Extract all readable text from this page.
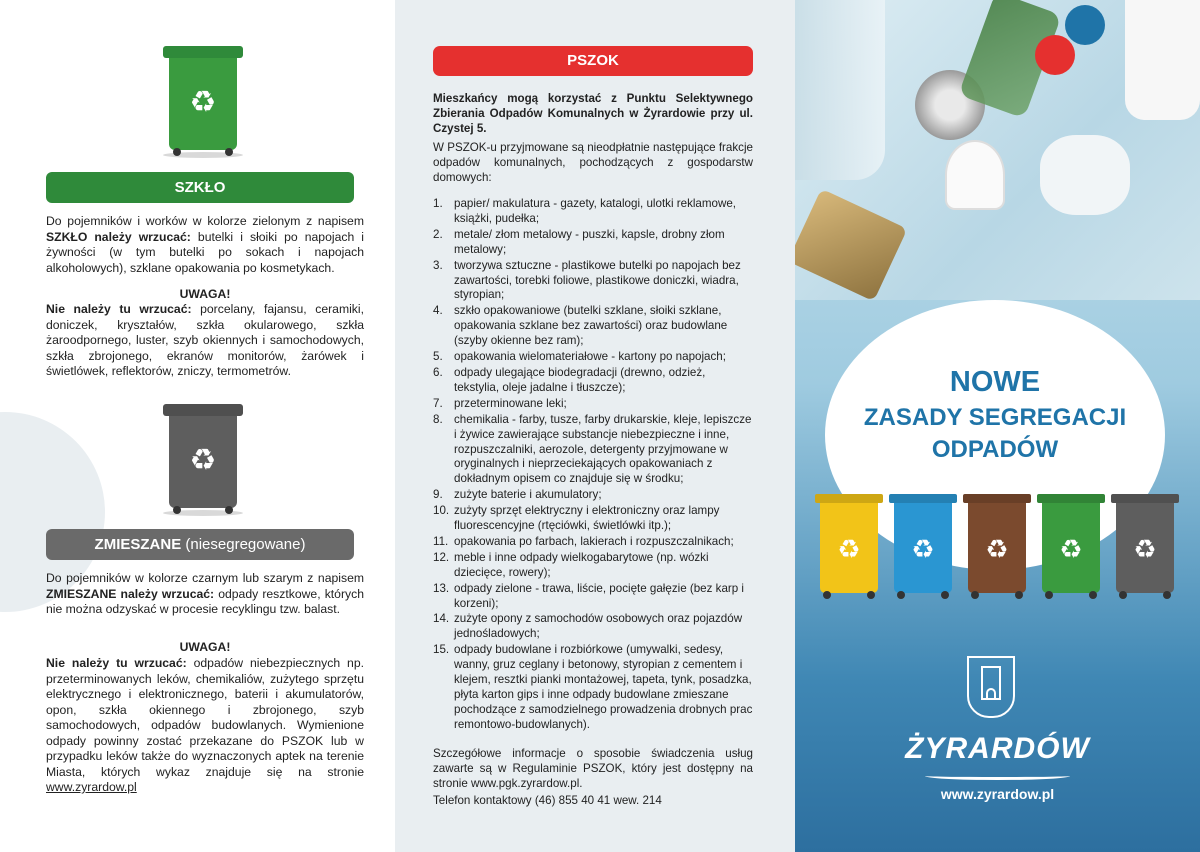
♻
SZKŁO
Do pojemników i worków w kolorze zielonym z napisem SZKŁO należy wrzucać: butelki i słoiki po napojach i żywności (w tym butelki po sokach i napojach alkoholowych), szklane opakowania po kosmetykach.
UWAGA!
Nie należy tu wrzucać: porcelany, fajansu, ceramiki, doniczek, kryształów, szkła okularowego, szkła żaroodpornego, luster, szyb okiennych i samochodowych, szkła zbrojonego, ekranów monitorów, żarówek i świetlówek, reflektorów, zniczy, termometrów.
♻
ZMIESZANE (niesegregowane)
Do pojemników w kolorze czarnym lub szarym z napisem ZMIESZANE należy wrzucać: odpady resztkowe, których nie można odzyskać w procesie recyklingu tzw. balast.
UWAGA!
Nie należy tu wrzucać: odpadów niebezpiecznych np. przeterminowanych leków, chemikaliów, zużytego sprzętu elektrycznego i elektronicznego, baterii i akumulatorów, opon, szkła okiennego i zbrojonego, szyb samochodowych, odpadów budowlanych. Wymienione odpady powinny zostać przekazane do PSZOK lub w przypadku leków także do wyznaczonych aptek na terenie Miasta, których wykaz znajduje się na stronie www.zyrardow.pl
PSZOK
Mieszkańcy mogą korzystać z Punktu Selektywnego Zbierania Odpadów Komunalnych w Żyrardowie przy ul. Czystej 5.
W PSZOK-u przyjmowane są nieodpłatnie następujące frakcje odpadów komunalnych, pochodzących z gospodarstw domowych:
1. papier/ makulatura - gazety, katalogi, ulotki reklamowe, książki, pudełka;
2. metale/ złom metalowy - puszki, kapsle, drobny złom metalowy;
3. tworzywa sztuczne - plastikowe butelki po napojach bez zawartości, torebki foliowe, plastikowe doniczki, wiadra, styropian;
4. szkło opakowaniowe (butelki szklane, słoiki szklane, opakowania szklane bez zawartości) oraz budowlane (szyby okienne bez ram);
5. opakowania wielomateriałowe - kartony po napojach;
6. odpady ulegające biodegradacji (drewno, odzież, tekstylia, oleje jadalne i tłuszcze);
7. przeterminowane leki;
8. chemikalia - farby, tusze, farby drukarskie, kleje, lepiszcze i żywice zawierające substancje niebezpieczne i inne, rozpuszczalniki, aerozole, detergenty przyjmowane w oryginalnych i nieprzeciekających opakowaniach z dokładnym opisem co znajduje się w środku;
9. zużyte baterie i akumulatory;
10. zużyty sprzęt elektryczny i elektroniczny oraz lampy fluorescencyjne (rtęciówki, świetlówki itp.);
11. opakowania po farbach, lakierach i rozpuszczalnikach;
12. meble i inne odpady wielkogabarytowe (np. wózki dziecięce, rowery);
13. odpady zielone - trawa, liście, pocięte gałęzie (bez karp i korzeni);
14. zużyte opony z samochodów osobowych oraz pojazdów jednośladowych;
15. odpady budowlane i rozbiórkowe (umywalki, sedesy, wanny, gruz ceglany i betonowy, styropian z cementem i klejem, resztki pianki montażowej, tapeta, tynk, posadzka, płyta karton gips i inne odpady budowlane zmieszane pochodzące z samodzielnego prowadzenia drobnych prac remontowo-budowlanych).
Szczegółowe informacje o sposobie świadczenia usług zawarte są w Regulaminie PSZOK, który jest dostępny na stronie www.pgk.zyrardow.pl.
Telefon kontaktowy (46) 855 40 41 wew. 214
NOWE
ZASADY SEGREGACJI
ODPADÓW
♻ ♻ ♻ ♻ ♻
ŻYRARDÓW
www.zyrardow.pl
